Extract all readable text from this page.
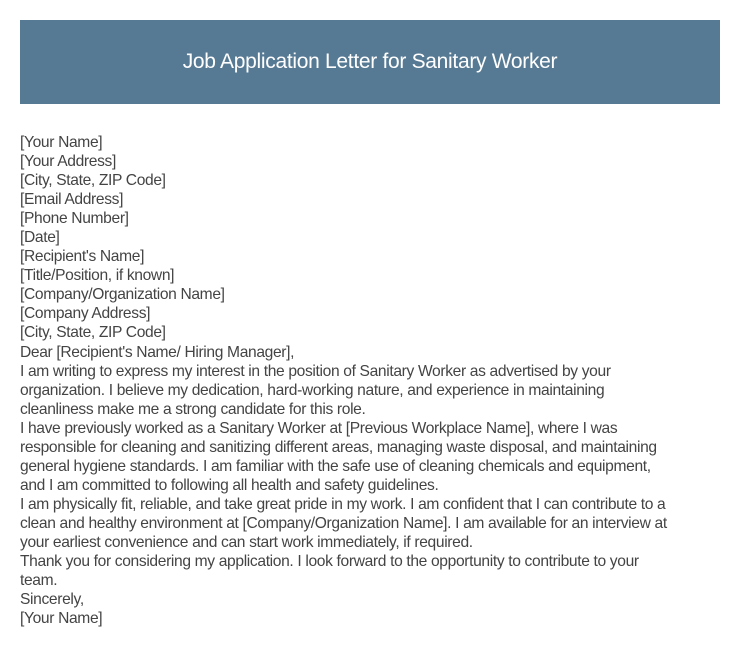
Job Application Letter for Sanitary Worker
[Your Name]
[Your Address]
[City, State, ZIP Code]
[Email Address]
[Phone Number]
[Date]
[Recipient's Name]
[Title/Position, if known]
[Company/Organization Name]
[Company Address]
[City, State, ZIP Code]
Dear [Recipient's Name/ Hiring Manager],
I am writing to express my interest in the position of Sanitary Worker as advertised by your
organization. I believe my dedication, hard-working nature, and experience in maintaining
cleanliness make me a strong candidate for this role.
I have previously worked as a Sanitary Worker at [Previous Workplace Name], where I was
responsible for cleaning and sanitizing different areas, managing waste disposal, and maintaining
general hygiene standards. I am familiar with the safe use of cleaning chemicals and equipment,
and I am committed to following all health and safety guidelines.
I am physically fit, reliable, and take great pride in my work. I am confident that I can contribute to a
clean and healthy environment at [Company/Organization Name]. I am available for an interview at
your earliest convenience and can start work immediately, if required.
Thank you for considering my application. I look forward to the opportunity to contribute to your
team.
Sincerely,
[Your Name]
